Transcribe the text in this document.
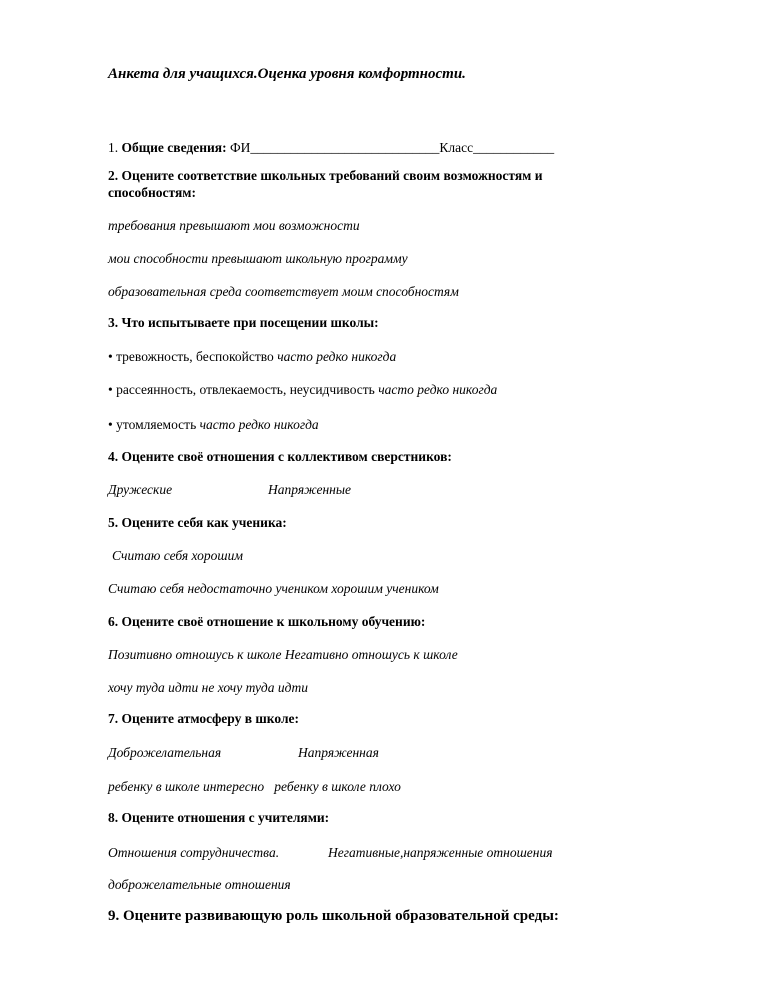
Анкета для учащихся.Оценка уровня комфортности.
1. Общие сведения: ФИ____________________________Класс____________
2. Оцените соответствие школьных требований своим возможностям и
способностям:
требования превышают мои возможности
мои способности превышают школьную программу
образовательная среда соответствует моим способностям
3. Что испытываете при посещении школы:
• тревожность, беспокойство часто редко никогда
• рассеянность, отвлекаемость, неусидчивость часто редко никогда
• утомляемость часто редко никогда
4. Оцените своё отношения с коллективом сверстников:
Дружеские	Напряженные
5. Оцените себя как ученика:
Считаю себя хорошим
Считаю себя недостаточно учеником хорошим учеником
6. Оцените своё отношение к школьному обучению:
Позитивно отношусь к школе Негативно отношусь к школе
хочу туда идти не хочу туда идти
7. Оцените атмосферу в школе:
Доброжелательная	Напряженная
ребенку в школе интересно   ребенку в школе плохо
8. Оцените отношения с учителями:
Отношения сотрудничества.	Негативные,напряженные отношения
доброжелательные отношения
9. Оцените развивающую роль школьной образовательной среды:
